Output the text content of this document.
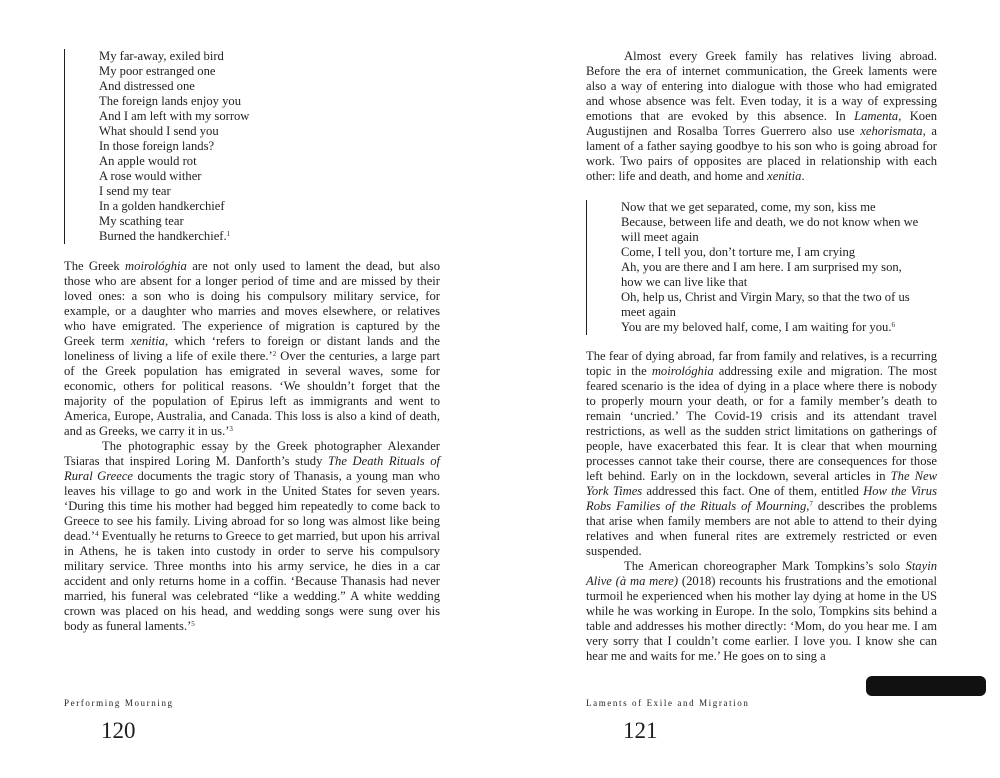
My far-away, exiled bird
My poor estranged one
And distressed one
The foreign lands enjoy you
And I am left with my sorrow
What should I send you
In those foreign lands?
An apple would rot
A rose would wither
I send my tear
In a golden handkerchief
My scathing tear
Burned the handkerchief.$^1$

The Greek moirológhia are not only used to lament the dead, but also those who are absent for a longer period of time and are missed by their loved ones: a son who is doing his compulsory military service, for example, or a daughter who marries and moves elsewhere, or relatives who have emigrated. The experience of migration is captured by the Greek term xenitia, which ‘refers to foreign or distant lands and the loneliness of living a life of exile there.’$^2$ Over the centuries, a large part of the Greek population has emigrated in several waves, some for economic, others for political reasons. ‘We shouldn’t forget that the majority of the population of Epirus left as immigrants and went to America, Europe, Australia, and Canada. This loss is also a kind of death, and as Greeks, we carry it in us.’$^3$

The photographic essay by the Greek photographer Alexander Tsiaras that inspired Loring M. Danforth’s study The Death Rituals of Rural Greece documents the tragic story of Thanasis, a young man who leaves his village to go and work in the United States for seven years. ‘During this time his mother had begged him repeatedly to come back to Greece to see his family. Living abroad for so long was almost like being dead.’$^4$ Eventually he returns to Greece to get married, but upon his arrival in Athens, he is taken into custody in order to serve his compulsory military service. Three months into his army service, he dies in a car accident and only returns home in a coffin. ‘Because Thanasis had never married, his funeral was celebrated “like a wedding.” A white wedding crown was placed on his head, and wedding songs were sung over his body as funeral laments.’$^5$

Performing Mourning
120

Almost every Greek family has relatives living abroad. Before the era of internet communication, the Greek laments were also a way of entering into dialogue with those who had emigrated and whose absence was felt. Even today, it is a way of expressing emotions that are evoked by this absence. In Lamenta, Koen Augustijnen and Rosalba Torres Guerrero also use xehorismata, a lament of a father saying goodbye to his son who is going abroad for work. Two pairs of opposites are placed in relationship with each other: life and death, and home and xenitia.

Now that we get separated, come, my son, kiss me
Because, between life and death, we do not know when we
will meet again
Come, I tell you, don’t torture me, I am crying
Ah, you are there and I am here. I am surprised my son,
how we can live like that
Oh, help us, Christ and Virgin Mary, so that the two of us
meet again
You are my beloved half, come, I am waiting for you.$^6$

The fear of dying abroad, far from family and relatives, is a recurring topic in the moirológhia addressing exile and migration. The most feared scenario is the idea of dying in a place where there is nobody to properly mourn your death, or for a family member’s death to remain ‘uncried.’ The Covid-19 crisis and its attendant travel restrictions, as well as the sudden strict limitations on gatherings of people, have exacerbated this fear. It is clear that when mourning processes cannot take their course, there are consequences for those left behind. Early on in the lockdown, several articles in The New York Times addressed this fact. One of them, entitled How the Virus Robs Families of the Rituals of Mourning,$^7$ describes the problems that arise when family members are not able to attend to their dying relatives and when funeral rites are extremely restricted or even suspended.

The American choreographer Mark Tompkins’s solo Stayin Alive (à ma mere) (2018) recounts his frustrations and the emotional turmoil he experienced when his mother lay dying at home in the US while he was working in Europe. In the solo, Tompkins sits behind a table and addresses his mother directly: ‘Mom, do you hear me. I am very sorry that I couldn’t come earlier. I love you. I know she can hear me and waits for me.’ He goes on to sing a

Laments of Exile and Migration
121
